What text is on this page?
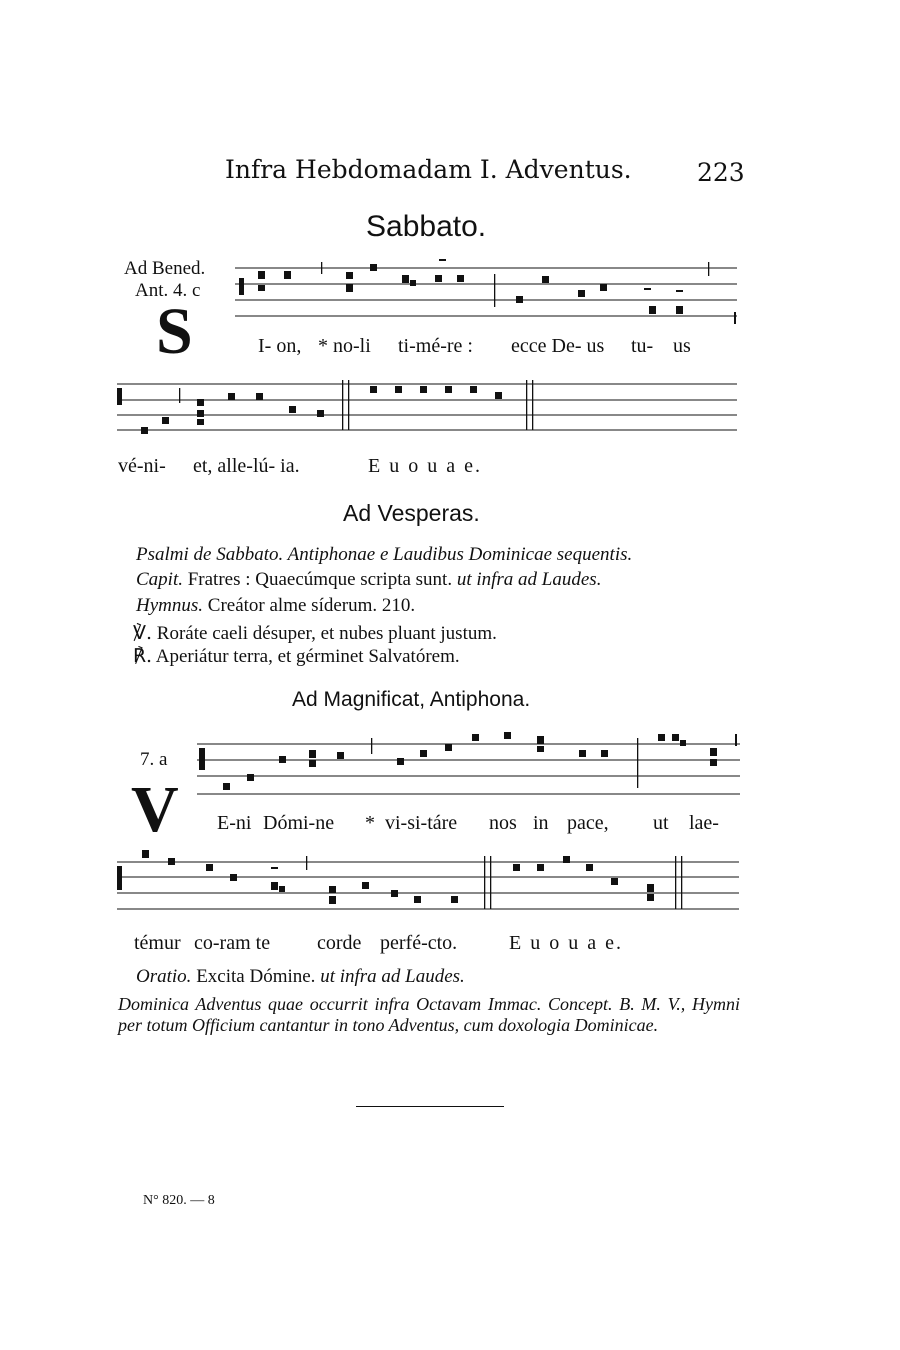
Infra Hebdomadam I. Adventus.	223
Sabbato.
Ad Bened.
Ant. 4. c
S	I- on, * no-li ti-mé-re : ecce De- us tu- us
vé-ni- et, alle-lú- ia.	E u o u a e.
Ad Vesperas.
Psalmi de Sabbato. Antiphonae e Laudibus Dominicae sequentis.
Capit. Fratres : Quaecúmque scripta sunt. ut infra ad Laudes.
Hymnus. Creátor alme síderum. 210.
℣. Roráte caeli désuper, et nubes pluant justum.
℟. Aperiátur terra, et gérminet Salvatórem.
Ad Magnificat, Antiphona.
7. a
V E-ni Dómi-ne * vi-si-táre nos in pace, ut lae-
témur co-ram te corde perfé-cto.	E u o u a e.
Oratio. Excita Dómine. ut infra ad Laudes.
Dominica Adventus quae occurrit infra Octavam Immac. Concept. B. M. V., Hymni per totum Officium cantantur in tono Adventus, cum doxologia Dominicae.
N° 820. — 8
